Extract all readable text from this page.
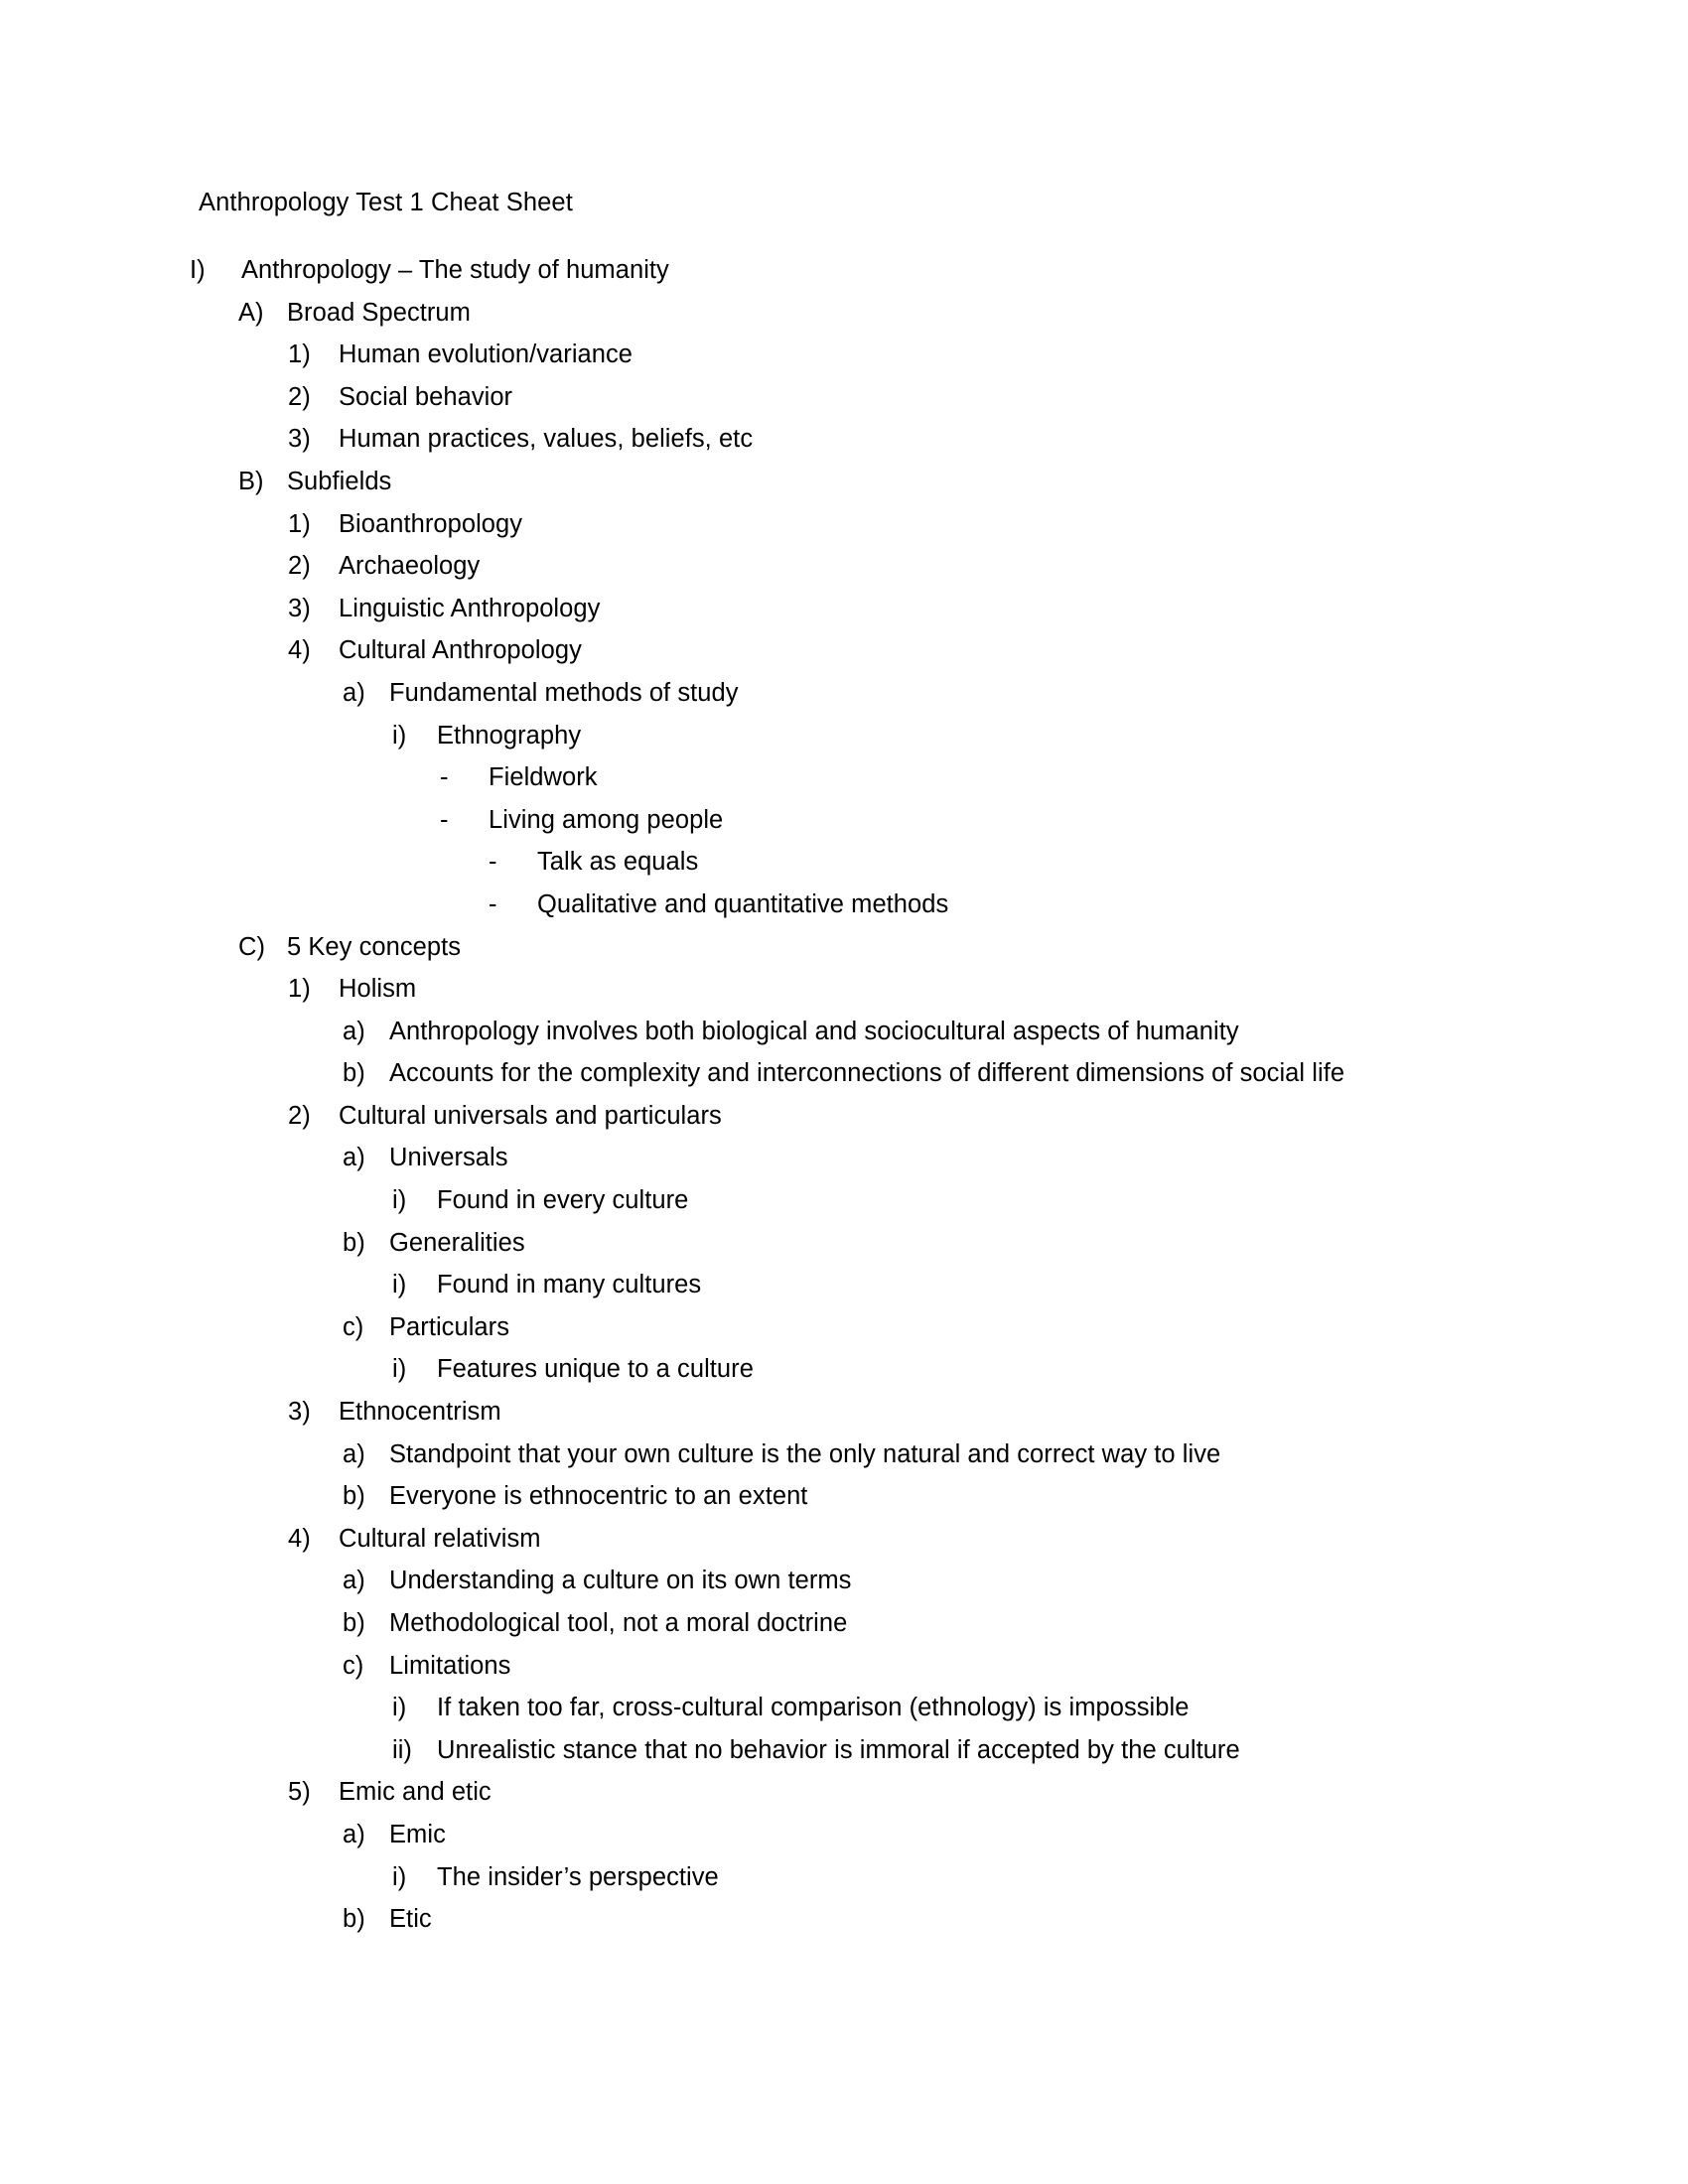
Anthropology Test 1 Cheat Sheet
I) Anthropology – The study of humanity
A) Broad Spectrum
1) Human evolution/variance
2) Social behavior
3) Human practices, values, beliefs, etc
B) Subfields
1) Bioanthropology
2) Archaeology
3) Linguistic Anthropology
4) Cultural Anthropology
a) Fundamental methods of study
i) Ethnography
- Fieldwork
- Living among people
- Talk as equals
- Qualitative and quantitative methods
C) 5 Key concepts
1) Holism
a) Anthropology involves both biological and sociocultural aspects of humanity
b) Accounts for the complexity and interconnections of different dimensions of social life
2) Cultural universals and particulars
a) Universals
i) Found in every culture
b) Generalities
i) Found in many cultures
c) Particulars
i) Features unique to a culture
3) Ethnocentrism
a) Standpoint that your own culture is the only natural and correct way to live
b) Everyone is ethnocentric to an extent
4) Cultural relativism
a) Understanding a culture on its own terms
b) Methodological tool, not a moral doctrine
c) Limitations
i) If taken too far, cross-cultural comparison (ethnology) is impossible
ii) Unrealistic stance that no behavior is immoral if accepted by the culture
5) Emic and etic
a) Emic
i) The insider’s perspective
b) Etic
